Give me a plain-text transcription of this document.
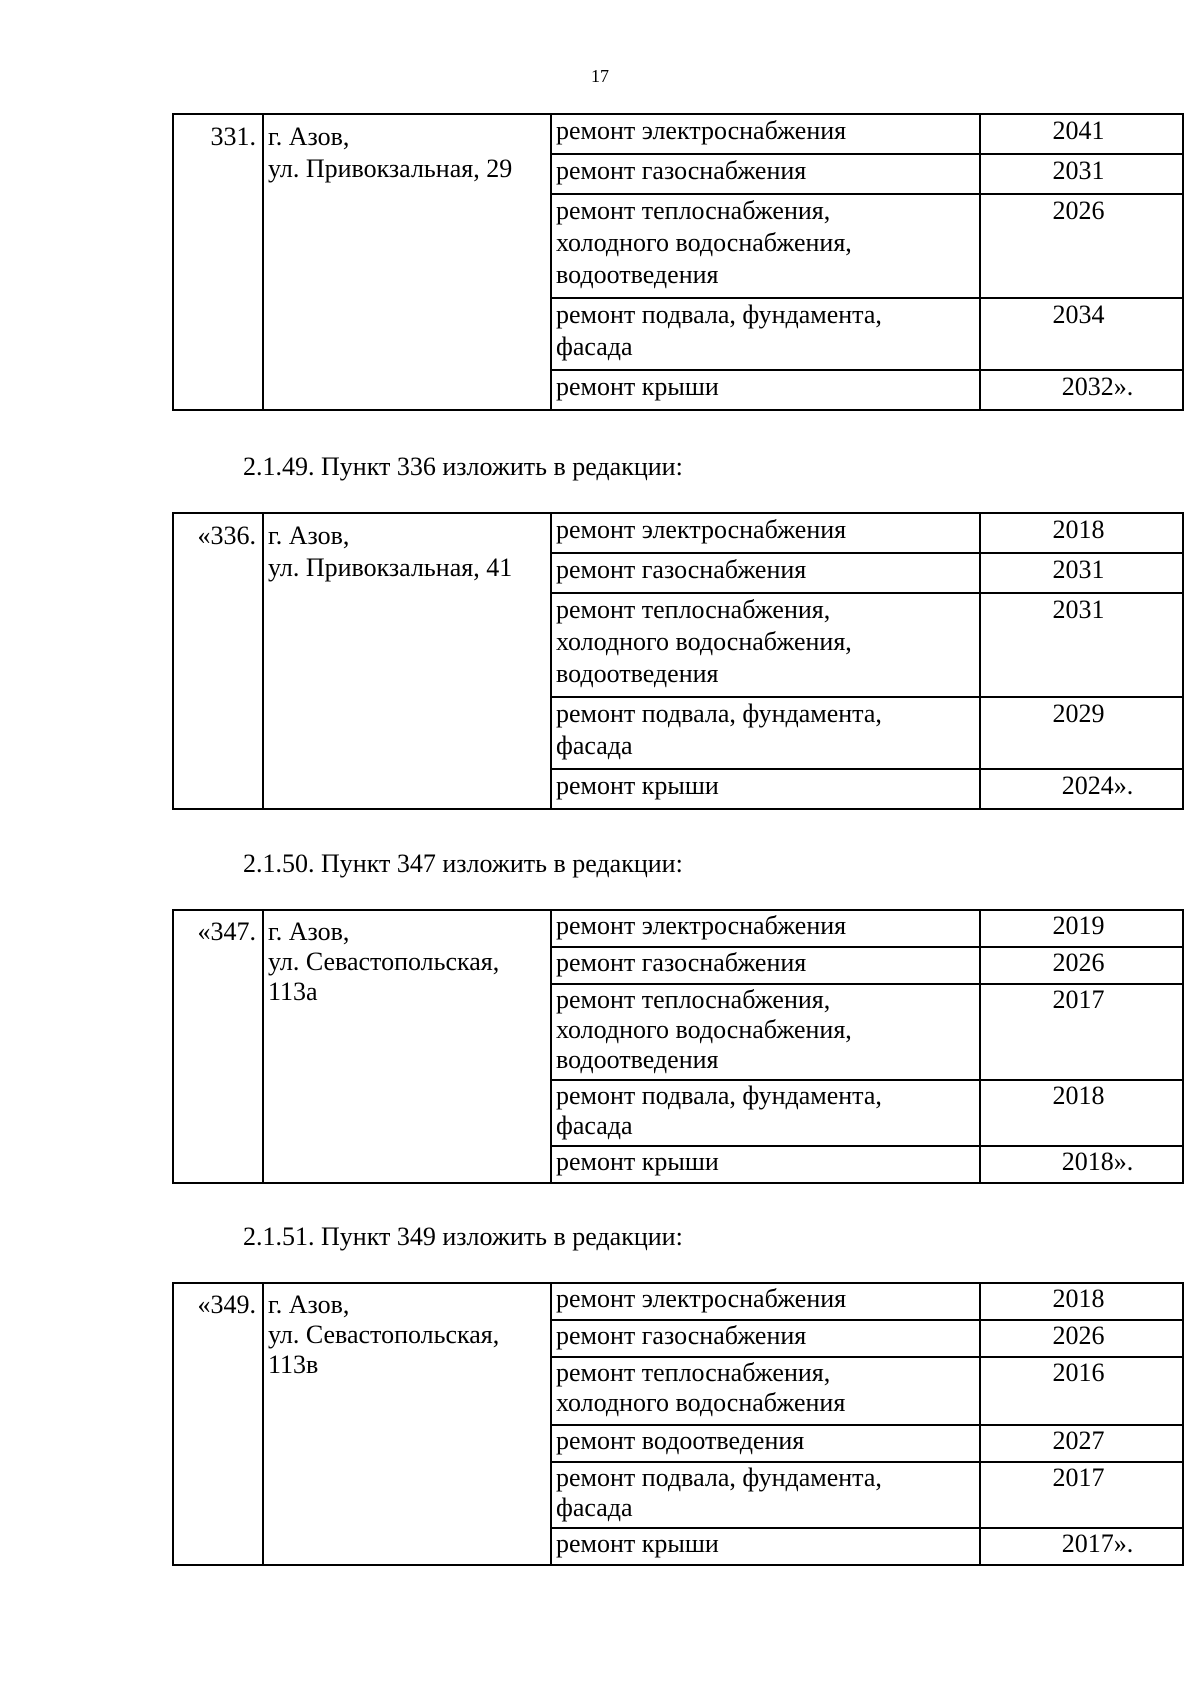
17
331.	г. Азов,
ул. Привокзальная, 29	ремонт электроснабжения	2041

		ремонт газоснабжения	2031

		ремонт теплоснабжения,
холодного водоснабжения,
водоотведения	2026

		ремонт подвала, фундамента,
фасада	2034

		ремонт крыши	2032».
2.1.49. Пункт 336 изложить в редакции:
«336.	г. Азов,
ул. Привокзальная, 41	ремонт электроснабжения	2018

		ремонт газоснабжения	2031

		ремонт теплоснабжения,
холодного водоснабжения,
водоотведения	2031

		ремонт подвала, фундамента,
фасада	2029

		ремонт крыши	2024».
2.1.50. Пункт 347 изложить в редакции:
«347.	г. Азов,
ул. Севастопольская,
113а	ремонт электроснабжения	2019

		ремонт газоснабжения	2026

		ремонт теплоснабжения,
холодного водоснабжения,
водоотведения	2017

		ремонт подвала, фундамента,
фасада	2018

		ремонт крыши	2018».
2.1.51. Пункт 349 изложить в редакции:
«349.	г. Азов,
ул. Севастопольская,
113в	ремонт электроснабжения	2018

		ремонт газоснабжения	2026

		ремонт теплоснабжения,
холодного водоснабжения	2016

		ремонт водоотведения	2027

		ремонт подвала, фундамента,
фасада	2017

		ремонт крыши	2017».
